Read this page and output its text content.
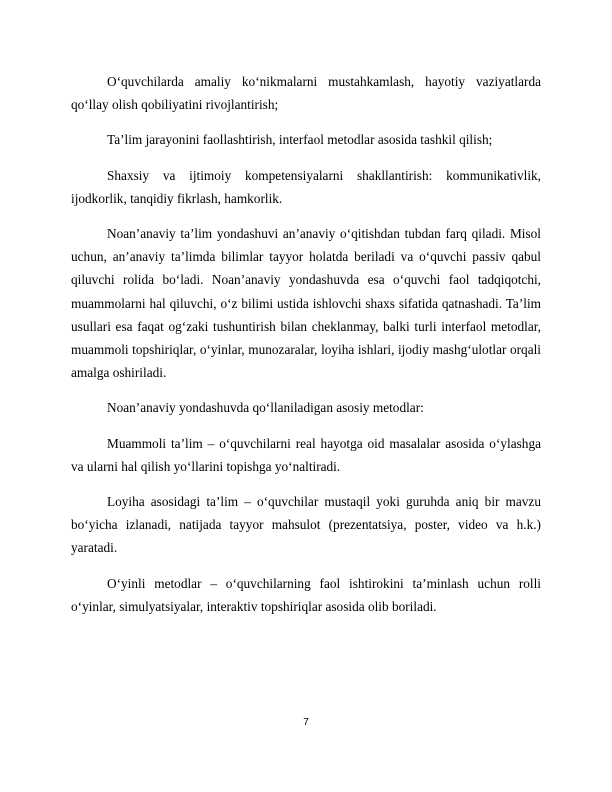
O‘quvchilarda amaliy ko‘nikmalarni mustahkamlash, hayotiy vaziyatlarda qo‘llay olish qobiliyatini rivojlantirish;

Ta’lim jarayonini faollashtirish, interfaol metodlar asosida tashkil qilish;

Shaxsiy va ijtimoiy kompetensiyalarni shakllantirish: kommunikativlik, ijodkorlik, tanqidiy fikrlash, hamkorlik.

Noan’anaviy ta’lim yondashuvi an’anaviy o‘qitishdan tubdan farq qiladi. Misol uchun, an’anaviy ta’limda bilimlar tayyor holatda beriladi va o‘quvchi passiv qabul qiluvchi rolida bo‘ladi. Noan’anaviy yondashuvda esa o‘quvchi faol tadqiqotchi, muammolarni hal qiluvchi, o‘z bilimi ustida ishlovchi shaxs sifatida qatnashadi. Ta’lim usullari esa faqat og‘zaki tushuntirish bilan cheklanmay, balki turli interfaol metodlar, muammoli topshiriqlar, o‘yinlar, munozaralar, loyiha ishlari, ijodiy mashg‘ulotlar orqali amalga oshiriladi.

Noan’anaviy yondashuvda qo‘llaniladigan asosiy metodlar:

Muammoli ta’lim – o‘quvchilarni real hayotga oid masalalar asosida o‘ylashga va ularni hal qilish yo‘llarini topishga yo‘naltiradi.

Loyiha asosidagi ta’lim – o‘quvchilar mustaqil yoki guruhda aniq bir mavzu bo‘yicha izlanadi, natijada tayyor mahsulot (prezentatsiya, poster, video va h.k.) yaratadi.

O‘yinli metodlar – o‘quvchilarning faol ishtirokini ta’minlash uchun rolli o‘yinlar, simulyatsiyalar, interaktiv topshiriqlar asosida olib boriladi.

7
